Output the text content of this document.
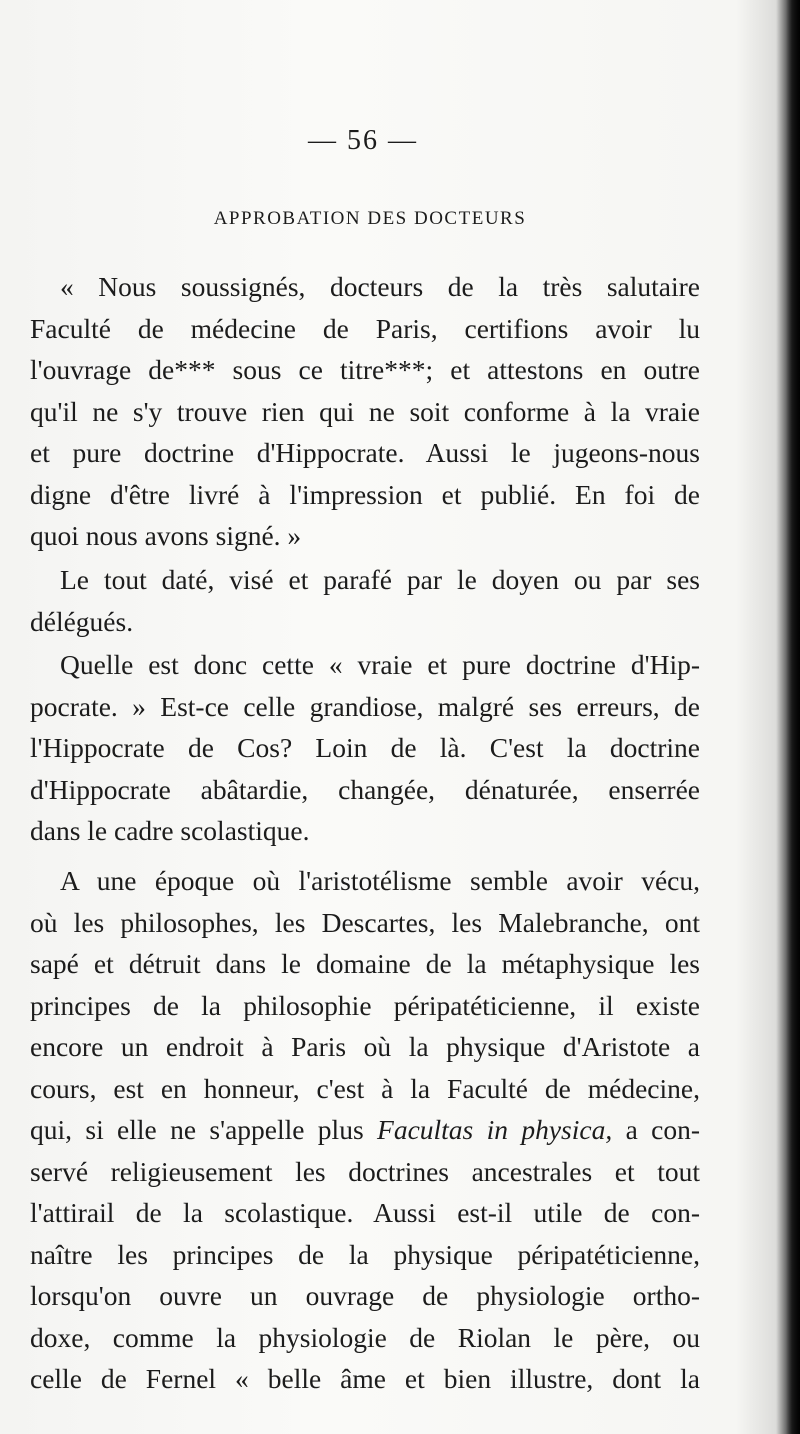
— 56 —
APPROBATION DES DOCTEURS
« Nous soussignés, docteurs de la très salutaire
Faculté de médecine de Paris, certifions avoir lu
l'ouvrage de*** sous ce titre***; et attestons en outre
qu'il ne s'y trouve rien qui ne soit conforme à la vraie
et pure doctrine d'Hippocrate. Aussi le jugeons-nous
digne d'être livré à l'impression et publié. En foi de
quoi nous avons signé. »
Le tout daté, visé et parafé par le doyen ou par ses
délégués.
Quelle est donc cette « vraie et pure doctrine d'Hip-
pocrate. » Est-ce celle grandiose, malgré ses erreurs, de
l'Hippocrate de Cos? Loin de là. C'est la doctrine
d'Hippocrate abâtardie, changée, dénaturée, enserrée
dans le cadre scolastique.
A une époque où l'aristotélisme semble avoir vécu,
où les philosophes, les Descartes, les Malebranche, ont
sapé et détruit dans le domaine de la métaphysique les
principes de la philosophie péripatéticienne, il existe
encore un endroit à Paris où la physique d'Aristote a
cours, est en honneur, c'est à la Faculté de médecine,
qui, si elle ne s'appelle plus Facultas in physica, a con-
servé religieusement les doctrines ancestrales et tout
l'attirail de la scolastique. Aussi est-il utile de con-
naître les principes de la physique péripatéticienne,
lorsqu'on ouvre un ouvrage de physiologie ortho-
doxe, comme la physiologie de Riolan le père, ou
celle de Fernel « belle âme et bien illustre, dont la
